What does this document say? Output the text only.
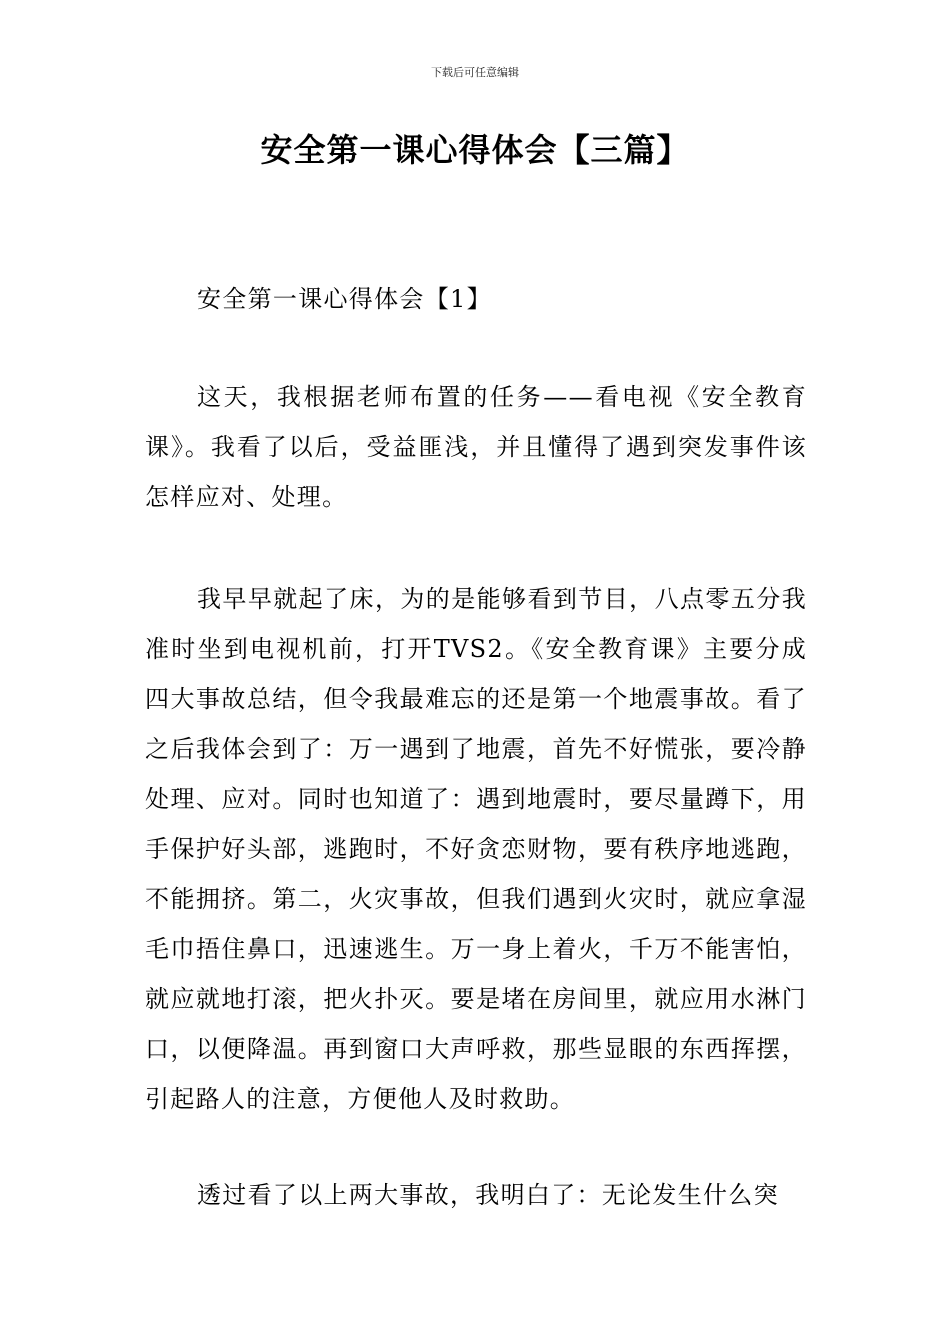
下载后可任意编辑
安全第一课心得体会【三篇】

安全第一课心得体会【1】

这天，我根据老师布置的任务——看电视《安全教育课》。我看了以后，受益匪浅，并且懂得了遇到突发事件该怎样应对、处理。

我早早就起了床，为的是能够看到节目，八点零五分我准时坐到电视机前，打开TVS2。《安全教育课》主要分成四大事故总结，但令我最难忘的还是第一个地震事故。看了之后我体会到了：万一遇到了地震，首先不好慌张，要冷静处理、应对。同时也知道了：遇到地震时，要尽量蹲下，用手保护好头部，逃跑时，不好贪恋财物，要有秩序地逃跑，不能拥挤。第二，火灾事故，但我们遇到火灾时，就应拿湿毛巾捂住鼻口，迅速逃生。万一身上着火，千万不能害怕，就应就地打滚，把火扑灭。要是堵在房间里，就应用水淋门口，以便降温。再到窗口大声呼救，那些显眼的东西挥摆，引起路人的注意，方便他人及时救助。

透过看了以上两大事故，我明白了：无论发生什么突
